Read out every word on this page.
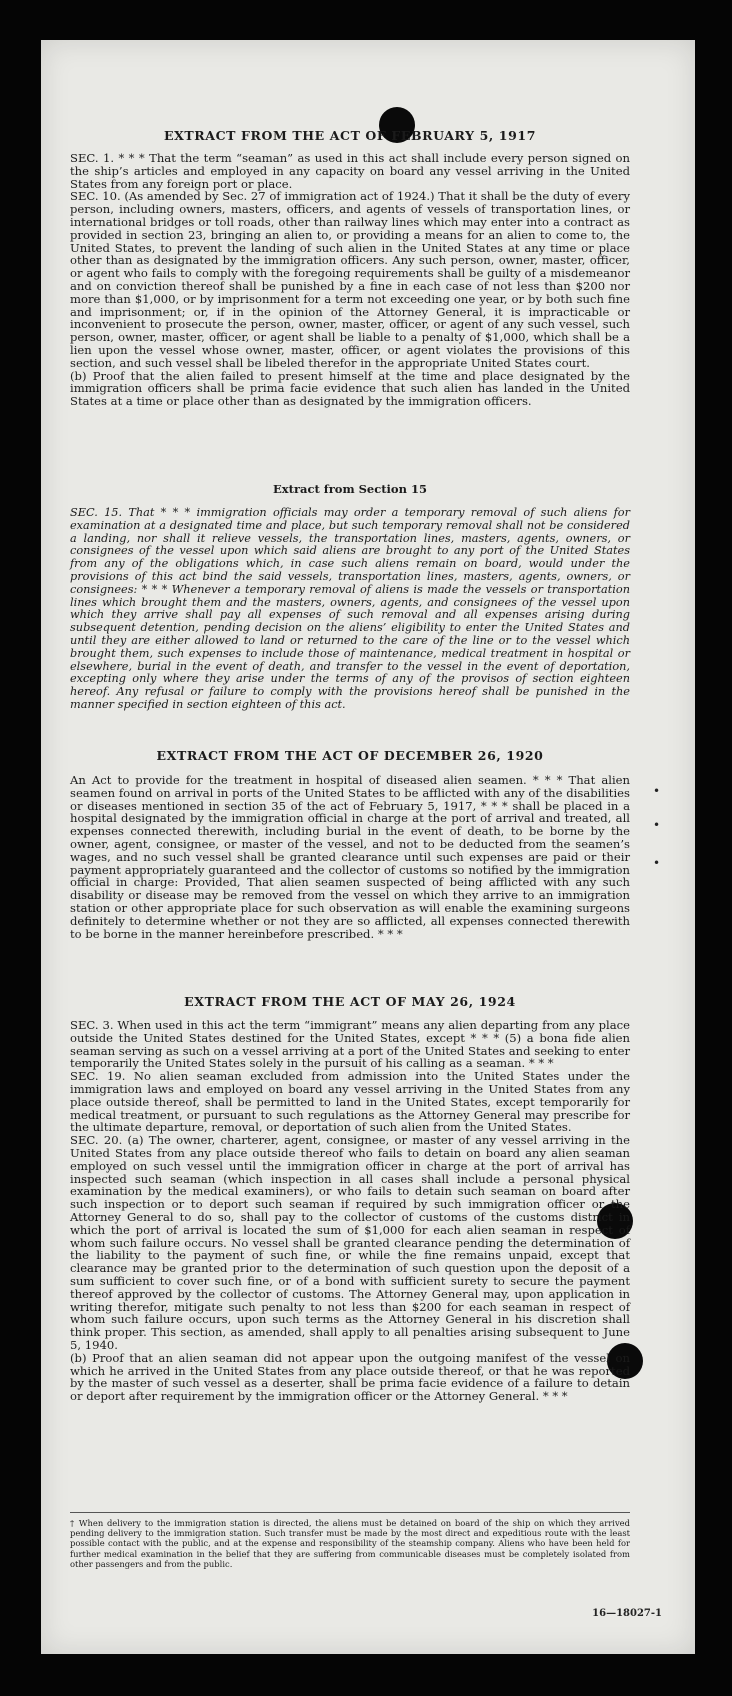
•
•
•
EXTRACT FROM THE ACT OF FEBRUARY 5, 1917

SEC. 1. * * * That the term “seaman” as used in this act shall include every person signed on the ship’s articles and employed in any capacity on board any vessel arriving in the United States from any foreign port or place.

SEC. 10. (As amended by Sec. 27 of immigration act of 1924.) That it shall be the duty of every person, including owners, masters, officers, and agents of vessels of transportation lines, or international bridges or toll roads, other than railway lines which may enter into a contract as provided in section 23, bringing an alien to, or providing a means for an alien to come to, the United States, to prevent the landing of such alien in the United States at any time or place other than as designated by the immigration officers. Any such person, owner, master, officer, or agent who fails to comply with the foregoing requirements shall be guilty of a misdemeanor and on conviction thereof shall be punished by a fine in each case of not less than $200 nor more than $1,000, or by imprisonment for a term not exceeding one year, or by both such fine and imprisonment; or, if in the opinion of the Attorney General, it is impracticable or inconvenient to prosecute the person, owner, master, officer, or agent of any such vessel, such person, owner, master, officer, or agent shall be liable to a penalty of $1,000, which shall be a lien upon the vessel whose owner, master, officer, or agent violates the provisions of this section, and such vessel shall be libeled therefor in the appropriate United States court.

(b) Proof that the alien failed to present himself at the time and place designated by the immigration officers shall be prima facie evidence that such alien has landed in the United States at a time or place other than as designated by the immigration officers.

Extract from Section 15

SEC. 15. That * * * immigration officials may order a temporary removal of such aliens for examination at a designated time and place, but such temporary removal shall not be considered a landing, nor shall it relieve vessels, the transportation lines, masters, agents, owners, or consignees of the vessel upon which said aliens are brought to any port of the United States from any of the obligations which, in case such aliens remain on board, would under the provisions of this act bind the said vessels, transportation lines, masters, agents, owners, or consignees: * * * Whenever a temporary removal of aliens is made the vessels or transportation lines which brought them and the masters, owners, agents, and consignees of the vessel upon which they arrive shall pay all expenses of such removal and all expenses arising during subsequent detention, pending decision on the aliens’ eligibility to enter the United States and until they are either allowed to land or returned to the care of the line or to the vessel which brought them, such expenses to include those of maintenance, medical treatment in hospital or elsewhere, burial in the event of death, and transfer to the vessel in the event of deportation, excepting only where they arise under the terms of any of the provisos of section eighteen hereof. Any refusal or failure to comply with the provisions hereof shall be punished in the manner specified in section eighteen of this act.

EXTRACT FROM THE ACT OF DECEMBER 26, 1920

An Act to provide for the treatment in hospital of diseased alien seamen. * * * That alien seamen found on arrival in ports of the United States to be afflicted with any of the disabilities or diseases mentioned in section 35 of the act of February 5, 1917, * * * shall be placed in a hospital designated by the immigration official in charge at the port of arrival and treated, all expenses connected therewith, including burial in the event of death, to be borne by the owner, agent, consignee, or master of the vessel, and not to be deducted from the seamen’s wages, and no such vessel shall be granted clearance until such expenses are paid or their payment appropriately guaranteed and the collector of customs so notified by the immigration official in charge: Provided, That alien seamen suspected of being afflicted with any such disability or disease may be removed from the vessel on which they arrive to an immigration station or other appropriate place for such observation as will enable the examining surgeons definitely to determine whether or not they are so afflicted, all expenses connected therewith to be borne in the manner hereinbefore prescribed. * * *

EXTRACT FROM THE ACT OF MAY 26, 1924

SEC. 3. When used in this act the term “immigrant” means any alien departing from any place outside the United States destined for the United States, except * * * (5) a bona fide alien seaman serving as such on a vessel arriving at a port of the United States and seeking to enter temporarily the United States solely in the pursuit of his calling as a seaman. * * *

SEC. 19. No alien seaman excluded from admission into the United States under the immigration laws and employed on board any vessel arriving in the United States from any place outside thereof, shall be permitted to land in the United States, except temporarily for medical treatment, or pursuant to such regulations as the Attorney General may prescribe for the ultimate departure, removal, or deportation of such alien from the United States.

SEC. 20. (a) The owner, charterer, agent, consignee, or master of any vessel arriving in the United States from any place outside thereof who fails to detain on board any alien seaman employed on such vessel until the immigration officer in charge at the port of arrival has inspected such seaman (which inspection in all cases shall include a personal physical examination by the medical examiners), or who fails to detain such seaman on board after such inspection or to deport such seaman if required by such immigration officer or the Attorney General to do so, shall pay to the collector of customs of the customs district in which the port of arrival is located the sum of $1,000 for each alien seaman in respect of whom such failure occurs. No vessel shall be granted clearance pending the determination of the liability to the payment of such fine, or while the fine remains unpaid, except that clearance may be granted prior to the determination of such question upon the deposit of a sum sufficient to cover such fine, or of a bond with sufficient surety to secure the payment thereof approved by the collector of customs. The Attorney General may, upon application in writing therefor, mitigate such penalty to not less than $200 for each seaman in respect of whom such failure occurs, upon such terms as the Attorney General in his discretion shall think proper. This section, as amended, shall apply to all penalties arising subsequent to June 5, 1940.

(b) Proof that an alien seaman did not appear upon the outgoing manifest of the vessel on which he arrived in the United States from any place outside thereof, or that he was reported by the master of such vessel as a deserter, shall be prima facie evidence of a failure to detain or deport after requirement by the immigration officer or the Attorney General. * * *

† When delivery to the immigration station is directed, the aliens must be detained on board of the ship on which they arrived pending delivery to the immigration station. Such transfer must be made by the most direct and expeditious route with the least possible contact with the public, and at the expense and responsibility of the steamship company. Aliens who have been held for further medical examination in the belief that they are suffering from communicable diseases must be completely isolated from other passengers and from the public.

16—18027-1
